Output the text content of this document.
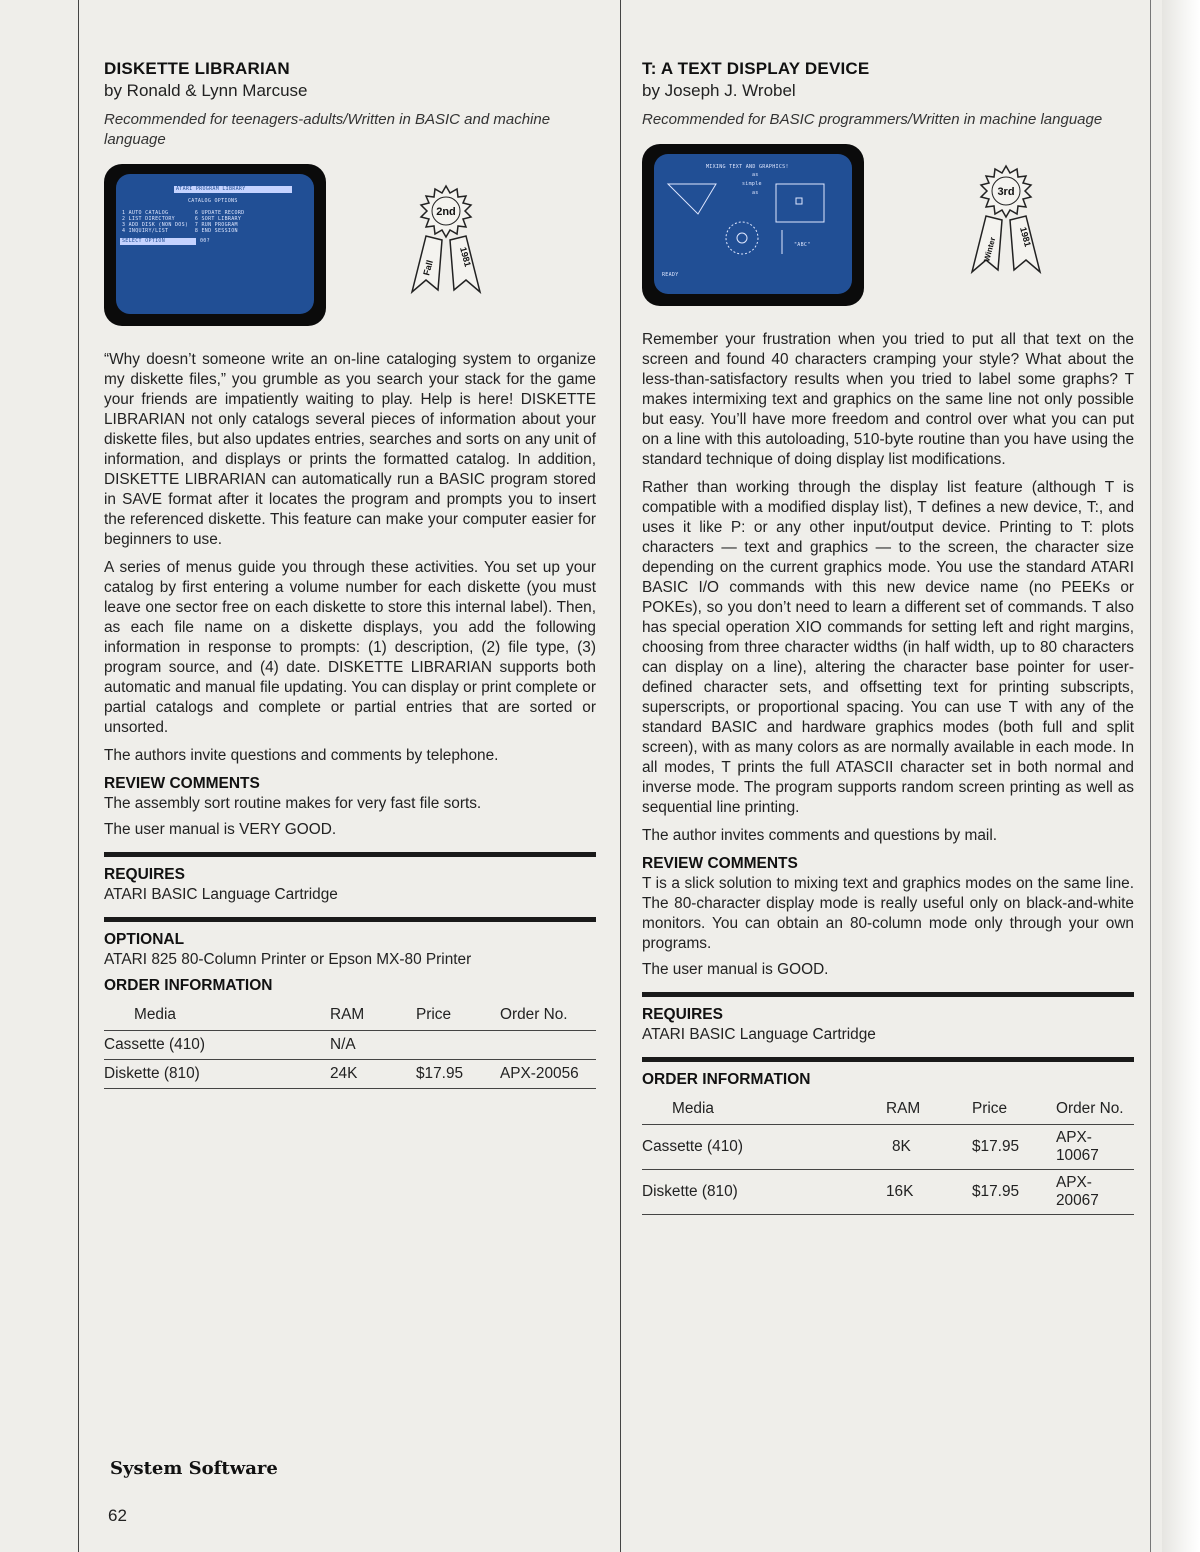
DISKETTE LIBRARIAN
by Ronald & Lynn Marcuse
Recommended for teenagers-adults/Written in BASIC and machine language
ATARI PROGRAM LIBRARY
CATALOG OPTIONS
1 AUTO CATALOG        6 UPDATE RECORD
2 LIST DIRECTORY      6 SORT LIBRARY
3 ADD DISK (NON DOS)  7 RUN PROGRAM
4 INQUIRY/LIST        8 END SESSION
SELECT OPTION	00?
2nd
Fall	1981

“Why doesn’t someone write an on-line cataloging system to organize my diskette files,” you grumble as you search your stack for the game your friends are impatiently waiting to play. Help is here! DISKETTE LIBRARIAN not only catalogs several pieces of information about your diskette files, but also updates entries, searches and sorts on any unit of information, and displays or prints the formatted catalog. In addition, DISKETTE LIBRARIAN can automatically run a BASIC program stored in SAVE format after it locates the program and prompts you to insert the referenced diskette. This feature can make your computer easier for beginners to use.

A series of menus guide you through these activities. You set up your catalog by first entering a volume number for each diskette (you must leave one sector free on each diskette to store this internal label). Then, as each file name on a diskette displays, you add the following information in response to prompts: (1) description, (2) file type, (3) program source, and (4) date. DISKETTE LIBRARIAN supports both automatic and manual file updating. You can display or print complete or partial catalogs and complete or partial entries that are sorted or unsorted.

The authors invite questions and comments by telephone.

REVIEW COMMENTS

The assembly sort routine makes for very fast file sorts.

The user manual is VERY GOOD.

REQUIRES

ATARI BASIC Language Cartridge

OPTIONAL

ATARI 825 80-Column Printer or Epson MX-80 Printer

ORDER INFORMATION
Media	RAM	Price	Order No.
Cassette (410)	N/A		
Diskette (810)	24K	$17.95	APX-20056
T: A TEXT DISPLAY DEVICE
by Joseph J. Wrobel
Recommended for BASIC programmers/Written in machine language
MIXING TEXT AND GRAPHICS!
as
simple
as
"ABC"
READY
3rd
Winter 1981

Remember your frustration when you tried to put all that text on the screen and found 40 characters cramping your style? What about the less-than-satisfactory results when you tried to label some graphs? T makes intermixing text and graphics on the same line not only possible but easy. You’ll have more freedom and control over what you can put on a line with this autoloading, 510-byte routine than you have using the standard technique of doing display list modifications.

Rather than working through the display list feature (although T is compatible with a modified display list), T defines a new device, T:, and uses it like P: or any other input/output device. Printing to T: plots characters — text and graphics — to the screen, the character size depending on the current graphics mode. You use the standard ATARI BASIC I/O commands with this new device name (no PEEKs or POKEs), so you don’t need to learn a different set of commands. T also has special operation XIO commands for setting left and right margins, choosing from three character widths (in half width, up to 80 characters can display on a line), altering the character base pointer for user-defined character sets, and offsetting text for printing subscripts, superscripts, or proportional spacing. You can use T with any of the standard BASIC and hardware graphics modes (both full and split screen), with as many colors as are normally available in each mode. In all modes, T prints the full ATASCII character set in both normal and inverse mode. The program supports random screen printing as well as sequential line printing.

The author invites comments and questions by mail.

REVIEW COMMENTS

T is a slick solution to mixing text and graphics modes on the same line. The 80-character display mode is really useful only on black-and-white monitors. You can obtain an 80-column mode only through your own programs.

The user manual is GOOD.

REQUIRES

ATARI BASIC Language Cartridge

ORDER INFORMATION
Media	RAM	Price	Order No.
Cassette (410)	8K	$17.95	APX-10067
Diskette (810)	16K	$17.95	APX-20067
System Software
62
